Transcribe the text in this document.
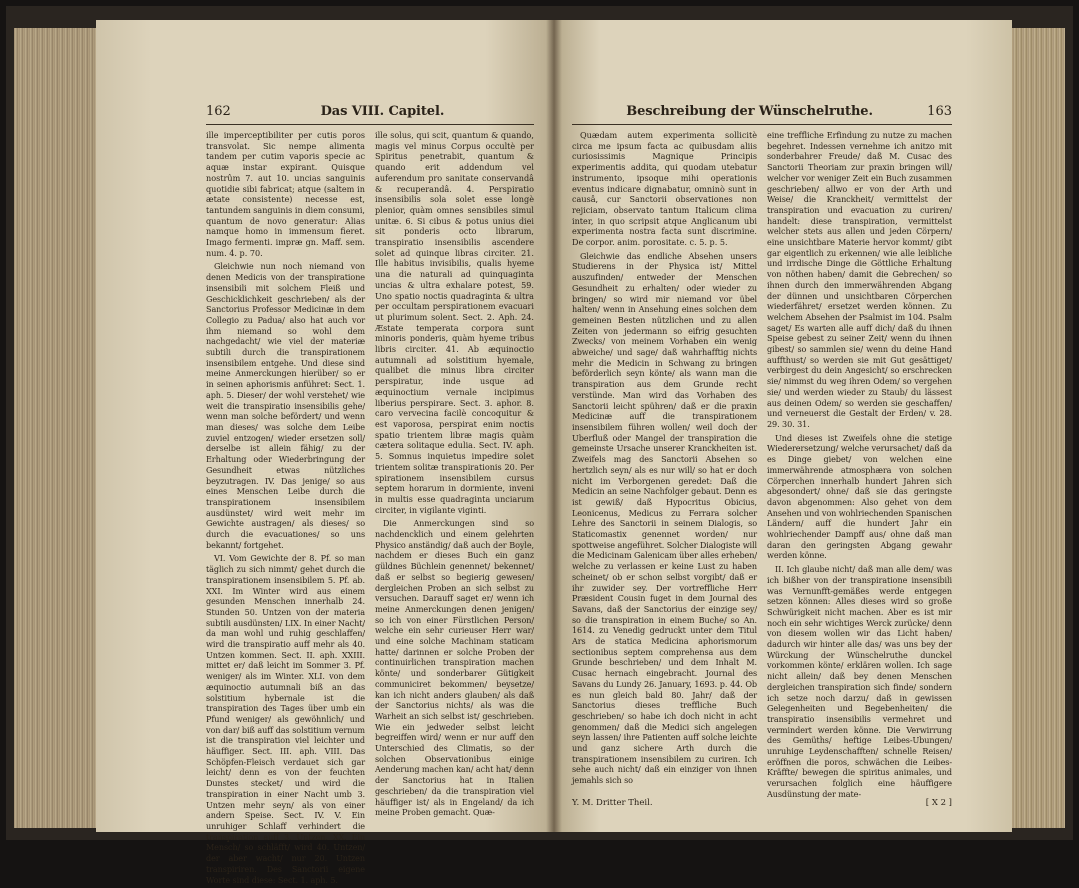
162	Das VIII. Capitel.

ille imperceptibiliter per cutis poros transvolat. Sic nempe alimenta tandem per cutim vaporis specie ac aquæ instar expirant. Quisque nostrûm 7. aut 10. uncias sanguinis quotidie sibi fabricat; atque (saltem in ætate consistente) necesse est, tantundem sanguinis in diem consumi, quantum de novo generatur: Alias namque homo in immensum fieret. Imago fermenti. impræ gn. Maff. sem. num. 4. p. 70.

Gleichwie nun noch niemand von denen Medicis von der transpiratione insensibili mit solchem Fleiß und Geschicklichkeit geschrieben/ als der Sanctorius Professor Medicinæ in dem Collegio zu Padua/ also hat auch vor ihm niemand so wohl dem nachgedacht/ wie viel der materiæ subtili durch die transpirationem insensibilem entgehe. Und diese sind meine Anmerckungen hierüber/ so er in seinen aphorismis anführet: Sect. 1. aph. 5. Dieser/ der wohl verstehet/ wie weit die transpiratio insensibilis gehe/ wenn man solche befördert/ und wenn man dieses/ was solche dem Leibe zuviel entzogen/ wieder ersetzen soll/ derselbe ist allein fähig/ zu der Erhaltung oder Wiederbringung der Gesundheit etwas nützliches beyzutragen. IV. Das jenige/ so aus eines Menschen Leibe durch die transpirationem insensibilem ausdünstet/ wird weit mehr im Gewichte austragen/ als dieses/ so durch die evacuationes/ so uns bekannt/ fortgehet.

VI. Vom Gewichte der 8. Pf. so man täglich zu sich nimmt/ gehet durch die transpirationem insensibilem 5. Pf. ab. XXI. Im Winter wird aus einem gesunden Menschen innerhalb 24. Stunden 50. Untzen von der materia subtili ausdünsten/ LIX. In einer Nacht/ da man wohl und ruhig geschlaffen/ wird die transpiratio auff mehr als 40. Untzen kommen. Sect. II. aph. XXIII. mittet er/ daß leicht im Sommer 3. Pf. weniger/ als im Winter. XLI. von dem æquinoctio autumnali biß an das solstitium hybernale ist die transpiration des Tages über umb ein Pfund weniger/ als gewöhnlich/ und von dar/ biß auff das solstitium vernum ist die transpiration viel leichter und häuffiger. Sect. III. aph. VIII. Das Schöpfen-Fleisch verdauet sich gar leicht/ denn es von der feuchten Dunstes stecket/ und wird die transpiration in einer Nacht umb 3. Untzen mehr seyn/ als von einer andern Speise. Sect. IV. V. Ein unruhiger Schlaff verhindert die transpiration auff 3. Untzen. XX. Ein Mensch/ so schläfft/ wird 40. Untzen/ der aber wacht/ nur 20. Untzen transpiriren. Des Sanctorii eigene Worte sind diese: Sect. 1. aph. 5.

ille solus, qui scit, quantum & quando, magis vel minus Corpus occultè per Spiritus penetrabit, quantum & quando erit addendum vel auferendum pro sanitate conservandâ & recuperandâ. 4. Perspiratio insensibilis sola solet esse longè plenior, quàm omnes sensibiles simul unitæ. 6. Si cibus & potus unius diei sit ponderis octo librarum, transpiratio insensibilis ascendere solet ad quinque libras circiter. 21. Ille habitus invisibilis, qualis hyeme una die naturali ad quinquaginta uncias & ultra exhalare potest, 59. Uno spatio noctis quadraginta & ultra per occultam perspirationem evacuari ut plurimum solent. Sect. 2. Aph. 24. Æstate temperata corpora sunt minoris ponderis, quàm hyeme tribus libris circiter. 41. Ab æquinoctio autumnali ad solstitium hyemale, qualibet die minus libra circiter perspiratur, inde usque ad æquinoctium vernale incipimus liberius perspirare. Sect. 3. aphor. 8. caro vervecina facilè concoquitur & est vaporosa, perspirat enim noctis spatio trientem libræ magis quàm cætera solitaque edulia. Sect. IV. aph. 5. Somnus inquietus impedire solet trientem solitæ transpirationis 20. Per spirationem insensibilem cursus septem horarum in dormiente, inveni in multis esse quadraginta unciarum circiter, in vigilante viginti.

Die Anmerckungen sind so nachdencklich und einem gelehrten Physico anständig/ daß auch der Boyle, nachdem er dieses Buch ein ganz güldnes Büchlein genennet/ bekennet/ daß er selbst so begierig gewesen/ dergleichen Proben an sich selbst zu versuchen. Darauff saget er/ wenn ich meine Anmerckungen denen jenigen/ so ich von einer Fürstlichen Person/ welche ein sehr curieuser Herr war/ und eine solche Machinam staticam hatte/ darinnen er solche Proben der continuirlichen transpiration machen könte/ und sonderbarer Gütigkeit communiciret bekommen/ beysetze/ kan ich nicht anders glauben/ als daß der Sanctorius nichts/ als was die Warheit an sich selbst ist/ geschrieben. Wie ein jedweder selbst leicht begreiffen wird/ wenn er nur auff den Unterschied des Climatis, so der solchen Observationibus einige Aenderung machen kan/ acht hat/ denn der Sanctorius hat in Italien geschrieben/ da die transpiration viel häuffiger ist/ als in Engeland/ da ich meine Proben gemacht. Quæ-

Beschreibung der Wünschelruthe.	163

Quædam autem experimenta sollicitè circa me ipsum facta ac quibusdam aliis curiosissimis Magnique Principis experimentis addita, qui quodam utebatur instrumento, ipsoque mihi operationis eventus indicare dignabatur, omninò sunt in causâ, cur Sanctorii observationes non rejiciam, observato tantum Italicum clima inter, in quo scripsit atque Anglicanum ubi experimenta nostra facta sunt discrimine. De corpor. anim. porositate. c. 5. p. 5.

Gleichwie das endliche Absehen unsers Studierens in der Physica ist/ Mittel auszufinden/ entweder der Menschen Gesundheit zu erhalten/ oder wieder zu bringen/ so wird mir niemand vor übel halten/ wenn in Ansehung eines solchen dem gemeinen Besten nützlichen und zu allen Zeiten von jedermann so eifrig gesuchten Zwecks/ von meinem Vorhaben ein wenig abweiche/ und sage/ daß wahrhafftig nichts mehr die Medicin in Schwang zu bringen beförderlich seyn könte/ als wann man die transpiration aus dem Grunde recht verstünde. Man wird das Vorhaben des Sanctorii leicht spühren/ daß er die praxin Medicinæ auff die transpirationem insensibilem führen wollen/ weil doch der Uberfluß oder Mangel der transpiration die gemeinste Ursache unserer Kranckheiten ist. Zweifels mag des Sanctorii Absehen so hertzlich seyn/ als es nur will/ so hat er doch nicht im Verborgenen geredet: Daß die Medicin an seine Nachfolger gebaut. Denn es ist gewiß/ daß Hypocritus Obicius, Leonicenus, Medicus zu Ferrara solcher Lehre des Sanctorii in seinem Dialogis, so Staticomastix genennet worden/ nur spottweise angeführet. Solcher Dialogiste will die Medicinam Galenicam über alles erheben/ welche zu verlassen er keine Lust zu haben scheinet/ ob er schon selbst vorgibt/ daß er ihr zuwider sey. Der vortreffliche Herr Præsident Cousin fuget in dem Journal des Savans, daß der Sanctorius der einzige sey/ so die transpiration in einem Buche/ so An. 1614. zu Venedig gedruckt unter dem Titul Ars de statica Medicina aphorismorum sectionibus septem comprehensa aus dem Grunde beschrieben/ und dem Inhalt M. Cusac hernach eingebracht. Journal des Savans du Lundy 26. January, 1693. p. 44. Ob es nun gleich bald 80. Jahr/ daß der Sanctorius dieses treffliche Buch geschrieben/ so habe ich doch nicht in acht genommen/ daß die Medici sich angelegen seyn lassen/ ihre Patienten auff solche leichte und ganz sichere Arth durch die transpirationem insensibilem zu curiren. Ich sehe auch nicht/ daß ein einziger von ihnen jemahls sich so

eine treffliche Erfindung zu nutze zu machen begehret. Indessen vernehme ich anitzo mit sonderbahrer Freude/ daß M. Cusac des Sanctorii Theoriam zur praxin bringen will/ welcher vor weniger Zeit ein Buch zusammen geschrieben/ allwo er von der Arth und Weise/ die Kranckheit/ vermittelst der transpiration und evacuation zu curiren/ handelt: diese transpiration, vermittelst welcher stets aus allen und jeden Cörpern/ eine unsichtbare Materie hervor kommt/ gibt gar eigentlich zu erkennen/ wie alle leibliche und irrdische Dinge die Göttliche Erhaltung von nöthen haben/ damit die Gebrechen/ so ihnen durch den immerwährenden Abgang der dünnen und unsichtbaren Cörperchen wiederfähret/ ersetzet werden können. Zu welchem Absehen der Psalmist im 104. Psalm saget/ Es warten alle auff dich/ daß du ihnen Speise gebest zu seiner Zeit/ wenn du ihnen gibest/ so sammlen sie/ wenn du deine Hand auffthust/ so werden sie mit Gut gesättiget/ verbirgest du dein Angesicht/ so erschrecken sie/ nimmst du weg ihren Odem/ so vergehen sie/ und werden wieder zu Staub/ du lässest aus deinen Odem/ so werden sie geschaffen/ und verneuerst die Gestalt der Erden/ v. 28. 29. 30. 31.

Und dieses ist Zweifels ohne die stetige Wiederersetzung/ welche verursachet/ daß da es Dinge giebet/ von welchen eine immerwährende atmosphæra von solchen Cörperchen innerhalb hundert Jahren sich abgesondert/ ohne/ daß sie das geringste davon abgenommen: Also gehet von dem Ansehen und von wohlriechenden Spanischen Ländern/ auff die hundert Jahr ein wohlriechender Dampff aus/ ohne daß man daran den geringsten Abgang gewahr werden könne.

II. Ich glaube nicht/ daß man alle dem/ was ich bißher von der transpiratione insensibili was Vernunfft-gemäßes werde entgegen setzen können: Alles dieses wird so große Schwürigkeit nicht machen. Aber es ist mir noch ein sehr wichtiges Werck zurücke/ denn von diesem wollen wir das Licht haben/ dadurch wir hinter alle das/ was uns bey der Würckung der Wünschelruthe dunckel vorkommen könte/ erklären wollen. Ich sage nicht allein/ daß bey denen Menschen dergleichen transpiration sich finde/ sondern ich setze noch darzu/ daß in gewissen Gelegenheiten und Begebenheiten/ die transpiratio insensibilis vermehret und vermindert werden könne. Die Verwirrung des Gemüths/ heftige Leibes-Ubungen/ unruhige Leydenschafften/ schnelle Reisen/ eröffnen die poros, schwächen die Leibes-Kräffte/ bewegen die spiritus animales, und verursachen folglich eine häuffigere Ausdünstung der mate-

Y. M. Dritter Theil.	[ X 2 ]
